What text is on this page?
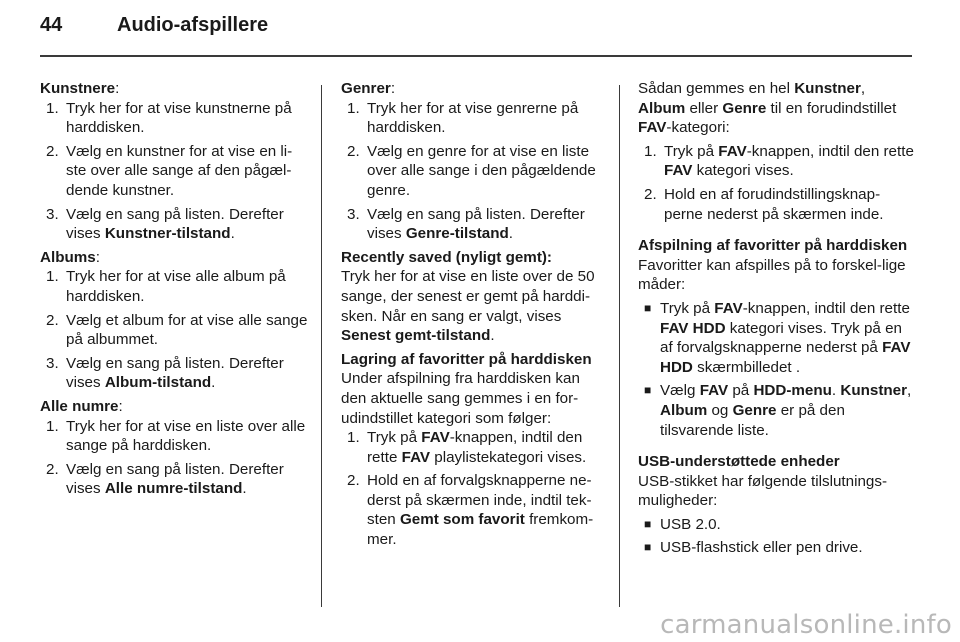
44	Audio-afspillere

Kunstnere:

1. Tryk her for at vise kunstnerne på harddisken.
2. Vælg en kunstner for at vise en li-ste over alle sange af den pågæl-dende kunstner.
3. Vælg en sang på listen. Derefter vises Kunstner-tilstand.

Albums:

1. Tryk her for at vise alle album på harddisken.
2. Vælg et album for at vise alle sange på albummet.
3. Vælg en sang på listen. Derefter vises Album-tilstand.

Alle numre:

1. Tryk her for at vise en liste over alle sange på harddisken.
2. Vælg en sang på listen. Derefter vises Alle numre-tilstand.

Genrer:

1. Tryk her for at vise genrerne på harddisken.
2. Vælg en genre for at vise en liste over alle sange i den pågældende genre.
3. Vælg en sang på listen. Derefter vises Genre-tilstand.

Recently saved (nyligt gemt):

Tryk her for at vise en liste over de 50 sange, der senest er gemt på harddi-sken. Når en sang er valgt, vises Senest gemt-tilstand.

Lagring af favoritter på harddisken

Under afspilning fra harddisken kan den aktuelle sang gemmes i en for-udindstillet kategori som følger:

1. Tryk på FAV-knappen, indtil den rette FAV playlistekategori vises.
2. Hold en af forvalgsknapperne ne-derst på skærmen inde, indtil tek-sten Gemt som favorit fremkom-mer.

Sådan gemmes en hel Kunstner, Album eller Genre til en forudindstillet FAV-kategori:

1. Tryk på FAV-knappen, indtil den rette FAV kategori vises.
2. Hold en af forudindstillingsknap-perne nederst på skærmen inde.

Afspilning af favoritter på harddisken

Favoritter kan afspilles på to forskel-lige måder:

■ Tryk på FAV-knappen, indtil den rette FAV HDD kategori vises. Tryk på en af forvalgsknapperne nederst på FAV HDD skærmbilledet .
■ Vælg FAV på HDD-menu. Kunstner, Album og Genre er på den tilsvarende liste.

USB-understøttede enheder

USB-stikket har følgende tilslutnings-muligheder:

■ USB 2.0.
■ USB-flashstick eller pen drive.
carmanualsonline.info
